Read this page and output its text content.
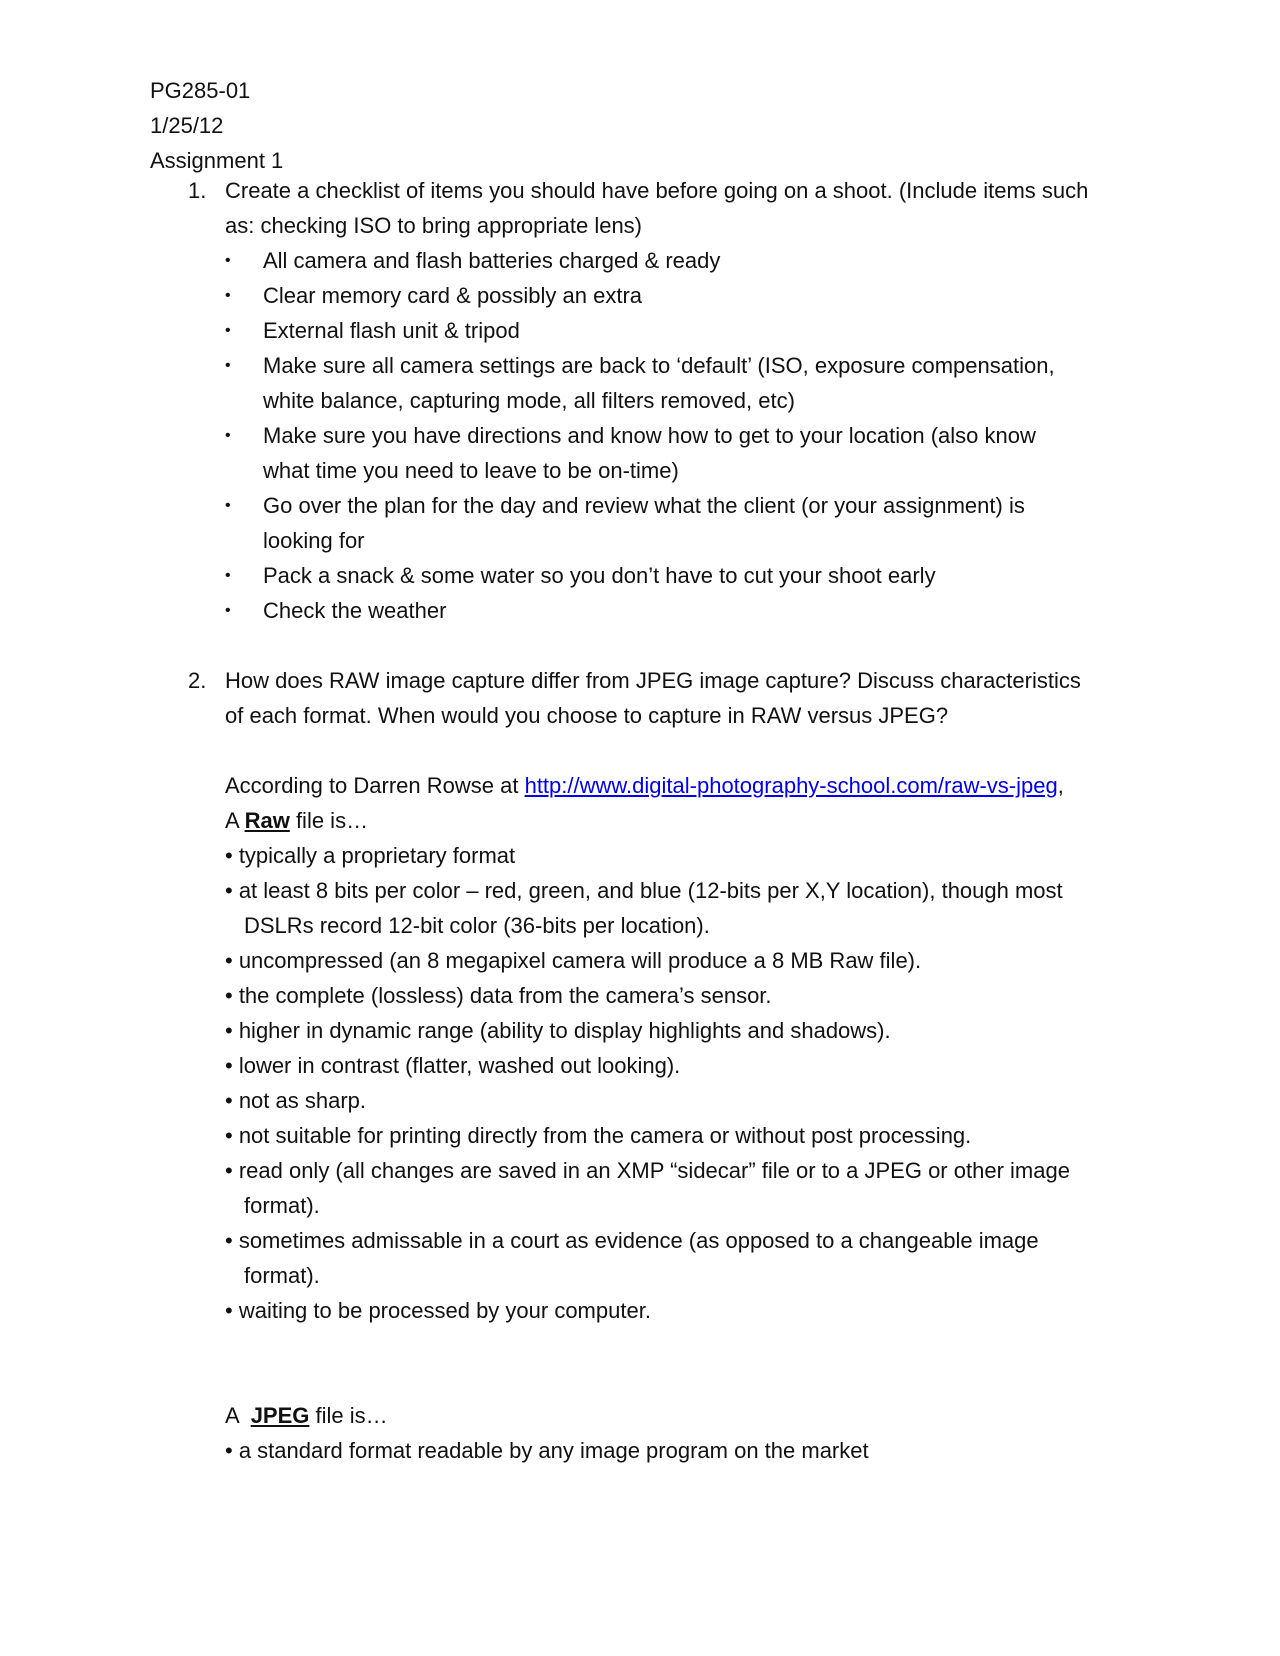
PG285-01
1/25/12
Assignment 1
1. Create a checklist of items you should have before going on a shoot. (Include items such
as: checking ISO to bring appropriate lens)
• All camera and flash batteries charged & ready
• Clear memory card & possibly an extra
• External flash unit & tripod
• Make sure all camera settings are back to ‘default’ (ISO, exposure compensation,
white balance, capturing mode, all filters removed, etc)
• Make sure you have directions and know how to get to your location (also know
what time you need to leave to be on-time)
• Go over the plan for the day and review what the client (or your assignment) is
looking for
• Pack a snack & some water so you don’t have to cut your shoot early
• Check the weather
2. How does RAW image capture differ from JPEG image capture? Discuss characteristics
of each format. When would you choose to capture in RAW versus JPEG?
According to Darren Rowse at http://www.digital-photography-school.com/raw-vs-jpeg,
A Raw file is…
• typically a proprietary format
• at least 8 bits per color – red, green, and blue (12-bits per X,Y location), though most
DSLRs record 12-bit color (36-bits per location).
• uncompressed (an 8 megapixel camera will produce a 8 MB Raw file).
• the complete (lossless) data from the camera’s sensor.
• higher in dynamic range (ability to display highlights and shadows).
• lower in contrast (flatter, washed out looking).
• not as sharp.
• not suitable for printing directly from the camera or without post processing.
• read only (all changes are saved in an XMP “sidecar” file or to a JPEG or other image
format).
• sometimes admissable in a court as evidence (as opposed to a changeable image
format).
• waiting to be processed by your computer.
A  JPEG file is…
• a standard format readable by any image program on the market
